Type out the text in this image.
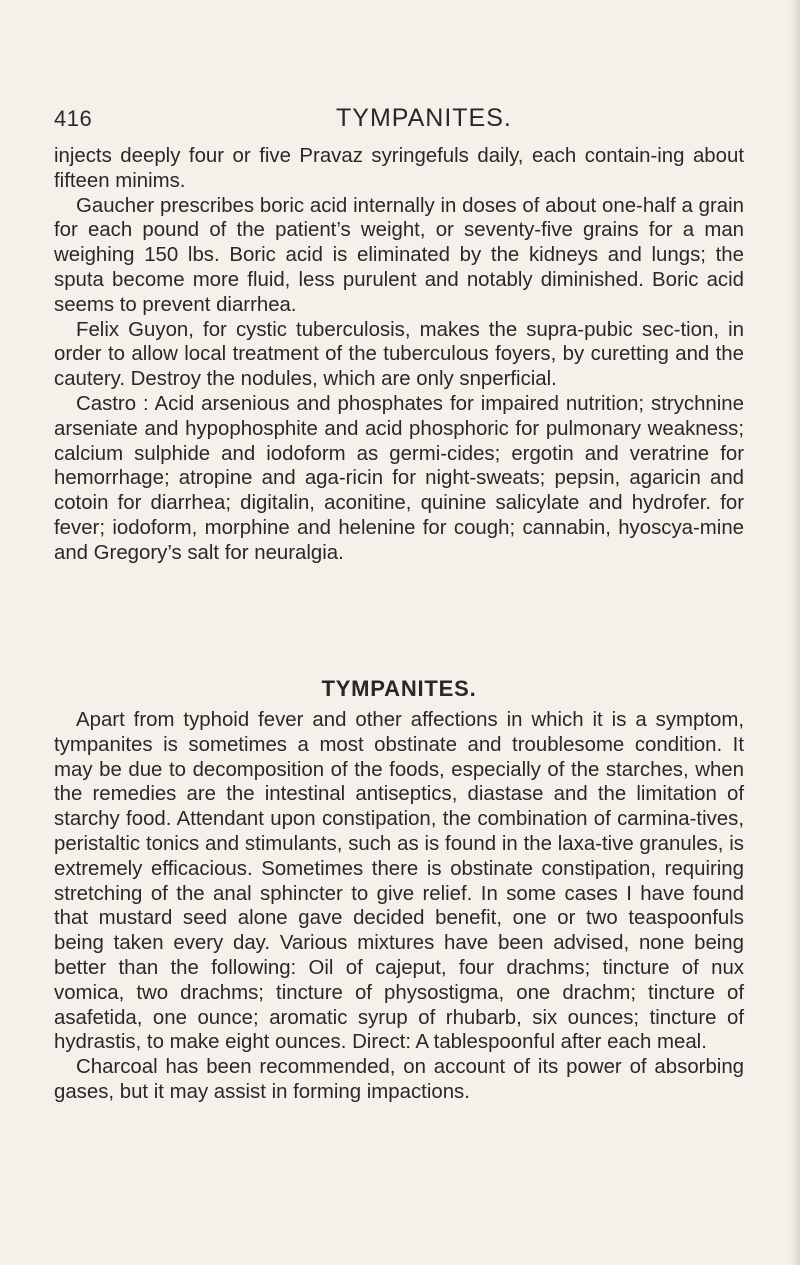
416	TYMPANITES.

injects deeply four or five Pravaz syringefuls daily, each contain-ing about fifteen minims.

Gaucher prescribes boric acid internally in doses of about one-half a grain for each pound of the patient’s weight, or seventy-five grains for a man weighing 150 lbs. Boric acid is eliminated by the kidneys and lungs; the sputa become more fluid, less purulent and notably diminished. Boric acid seems to prevent diarrhea.

Felix Guyon, for cystic tuberculosis, makes the supra-pubic sec-tion, in order to allow local treatment of the tuberculous foyers, by curetting and the cautery. Destroy the nodules, which are only snperficial.

Castro : Acid arsenious and phosphates for impaired nutrition; strychnine arseniate and hypophosphite and acid phosphoric for pulmonary weakness; calcium sulphide and iodoform as germi-cides; ergotin and veratrine for hemorrhage; atropine and aga-ricin for night-sweats; pepsin, agaricin and cotoin for diarrhea; digitalin, aconitine, quinine salicylate and hydrofer. for fever; iodoform, morphine and helenine for cough; cannabin, hyoscya-mine and Gregory’s salt for neuralgia.

TYMPANITES.

Apart from typhoid fever and other affections in which it is a symptom, tympanites is sometimes a most obstinate and troublesome condition. It may be due to decomposition of the foods, especially of the starches, when the remedies are the intestinal antiseptics, diastase and the limitation of starchy food. Attendant upon constipation, the combination of carmina-tives, peristaltic tonics and stimulants, such as is found in the laxa-tive granules, is extremely efficacious. Sometimes there is obstinate constipation, requiring stretching of the anal sphincter to give relief. In some cases I have found that mustard seed alone gave decided benefit, one or two teaspoonfuls being taken every day. Various mixtures have been advised, none being better than the following: Oil of cajeput, four drachms; tincture of nux vomica, two drachms; tincture of physostigma, one drachm; tincture of asafetida, one ounce; aromatic syrup of rhubarb, six ounces; tincture of hydrastis, to make eight ounces. Direct: A tablespoonful after each meal.

Charcoal has been recommended, on account of its power of absorbing gases, but it may assist in forming impactions.
